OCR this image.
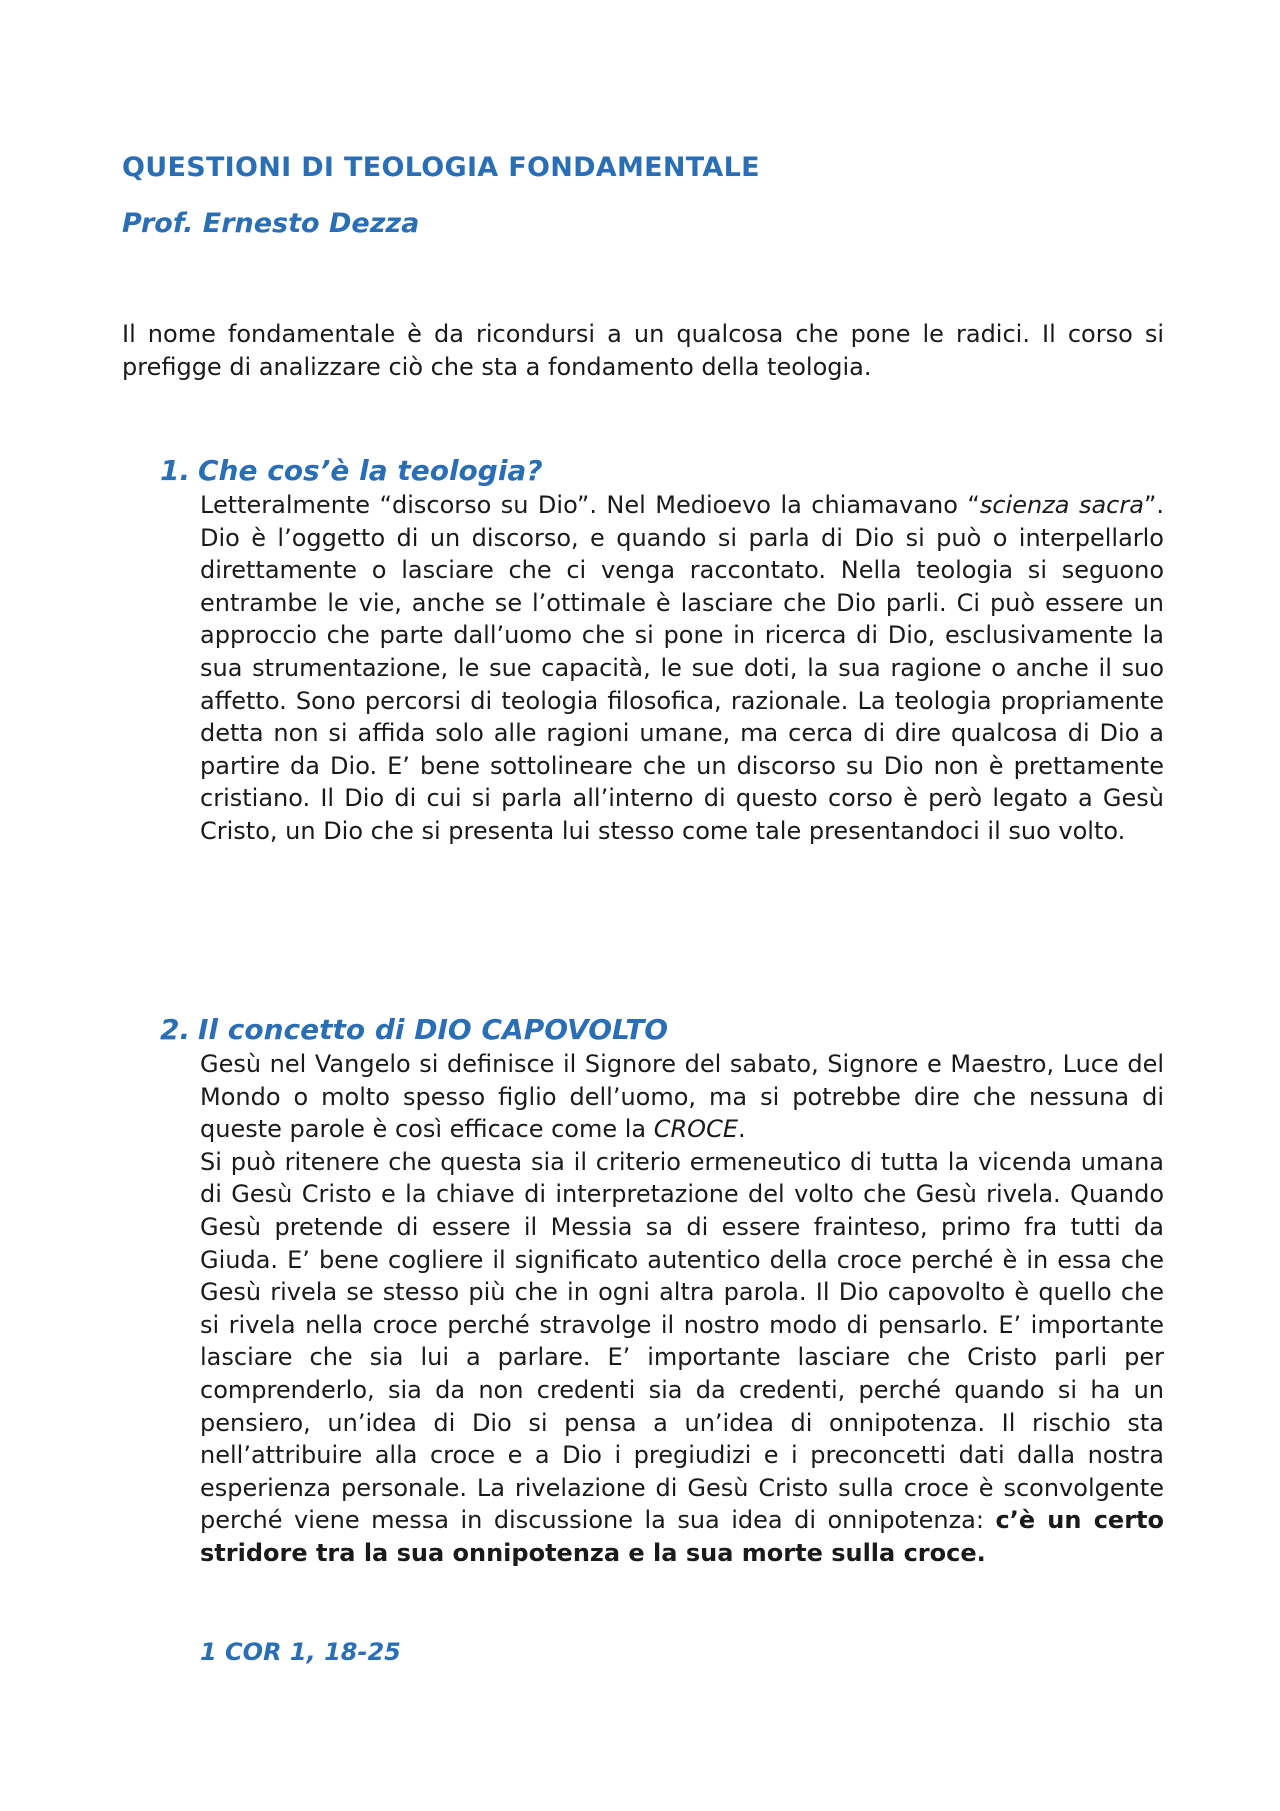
QUESTIONI DI TEOLOGIA FONDAMENTALE
Prof. Ernesto Dezza

Il nome fondamentale è da ricondursi a un qualcosa che pone le radici. Il corso si prefigge di analizzare ciò che sta a fondamento della teologia.

1. Che cos’è la teologia?

Letteralmente “discorso su Dio”. Nel Medioevo la chiamavano “scienza sacra”. Dio è l’oggetto di un discorso, e quando si parla di Dio si può o interpellarlo direttamente o lasciare che ci venga raccontato. Nella teologia si seguono entrambe le vie, anche se l’ottimale è lasciare che Dio parli. Ci può essere un approccio che parte dall’uomo che si pone in ricerca di Dio, esclusivamente la sua strumentazione, le sue capacità, le sue doti, la sua ragione o anche il suo affetto. Sono percorsi di teologia filosofica, razionale. La teologia propriamente detta non si affida solo alle ragioni umane, ma cerca di dire qualcosa di Dio a partire da Dio. E’ bene sottolineare che un discorso su Dio non è prettamente cristiano. Il Dio di cui si parla all’interno di questo corso è però legato a Gesù Cristo, un Dio che si presenta lui stesso come tale presentandoci il suo volto.

2. Il concetto di DIO CAPOVOLTO

Gesù nel Vangelo si definisce il Signore del sabato, Signore e Maestro, Luce del Mondo o molto spesso figlio dell’uomo, ma si potrebbe dire che nessuna di queste parole è così efficace come la CROCE.

Si può ritenere che questa sia il criterio ermeneutico di tutta la vicenda umana di Gesù Cristo e la chiave di interpretazione del volto che Gesù rivela. Quando Gesù pretende di essere il Messia sa di essere frainteso, primo fra tutti da Giuda. E’ bene cogliere il significato autentico della croce perché è in essa che Gesù rivela se stesso più che in ogni altra parola. Il Dio capovolto è quello che si rivela nella croce perché stravolge il nostro modo di pensarlo. E’ importante lasciare che sia lui a parlare. E’ importante lasciare che Cristo parli per comprenderlo, sia da non credenti sia da credenti, perché quando si ha un pensiero, un’idea di Dio si pensa a un’idea di onnipotenza. Il rischio sta nell’attribuire alla croce e a Dio i pregiudizi e i preconcetti dati dalla nostra esperienza personale. La rivelazione di Gesù Cristo sulla croce è sconvolgente perché viene messa in discussione la sua idea di onnipotenza: c’è un certo stridore tra la sua onnipotenza e la sua morte sulla croce.

1 COR 1, 18-25
